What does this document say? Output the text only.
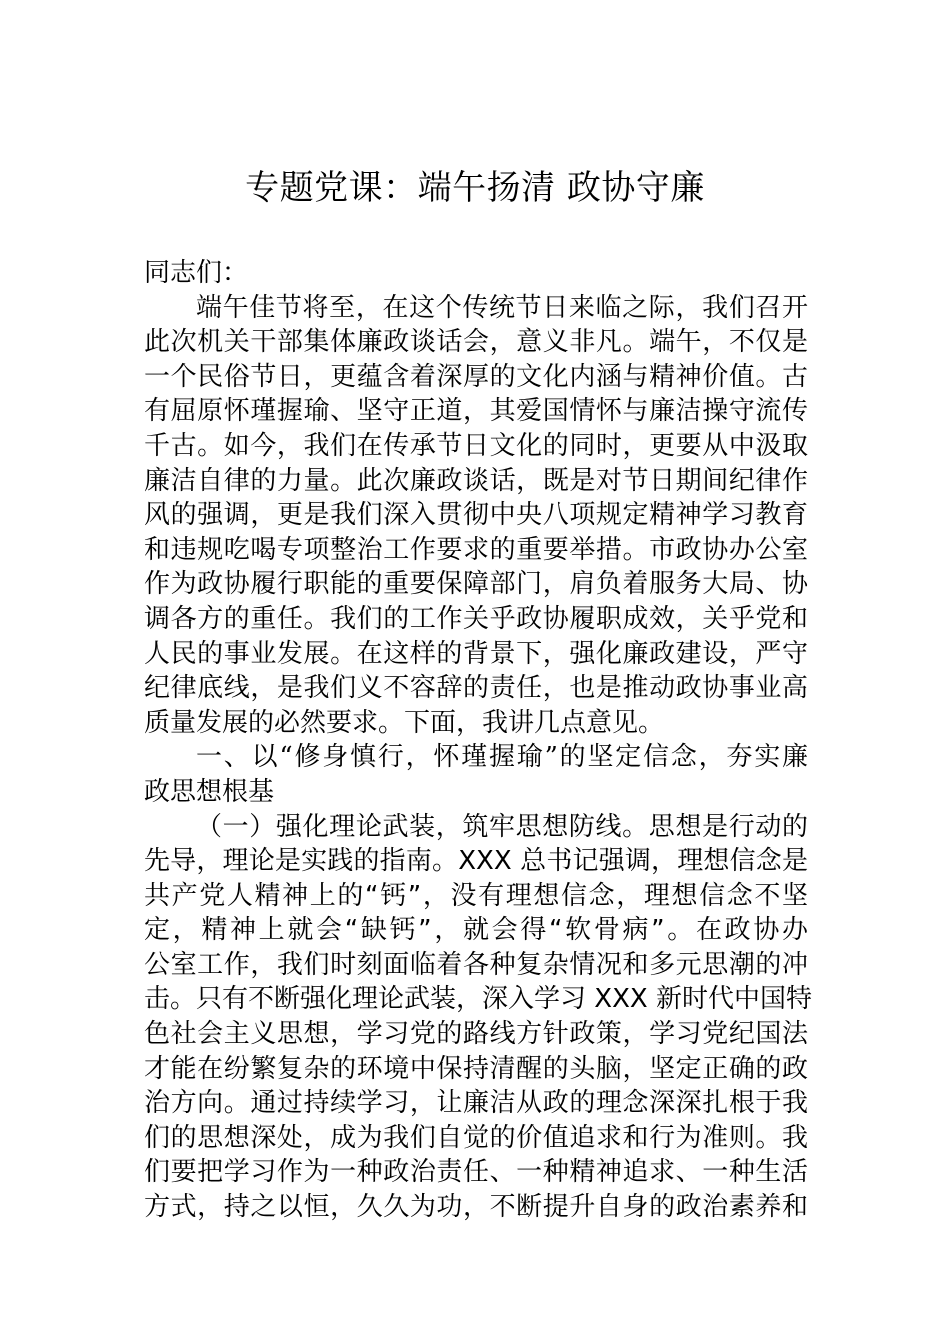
专题党课：端午扬清 政协守廉
同志们：
端午佳节将至，在这个传统节日来临之际，我们召开
此次机关干部集体廉政谈话会，意义非凡。端午，不仅是
一个民俗节日，更蕴含着深厚的文化内涵与精神价值。古
有屈原怀瑾握瑜、坚守正道，其爱国情怀与廉洁操守流传
千古。如今，我们在传承节日文化的同时，更要从中汲取
廉洁自律的力量。此次廉政谈话，既是对节日期间纪律作
风的强调，更是我们深入贯彻中央八项规定精神学习教育
和违规吃喝专项整治工作要求的重要举措。市政协办公室
作为政协履行职能的重要保障部门，肩负着服务大局、协
调各方的重任。我们的工作关乎政协履职成效，关乎党和
人民的事业发展。在这样的背景下，强化廉政建设，严守
纪律底线，是我们义不容辞的责任，也是推动政协事业高
质量发展的必然要求。下面，我讲几点意见。
一、以“修身慎行，怀瑾握瑜”的坚定信念，夯实廉
政思想根基
（一）强化理论武装，筑牢思想防线。思想是行动的
先导，理论是实践的指南。XXX 总书记强调，理想信念是
共产党人精神上的“钙”，没有理想信念，理想信念不坚
定，精神上就会“缺钙”，就会得“软骨病”。在政协办
公室工作，我们时刻面临着各种复杂情况和多元思潮的冲
击。只有不断强化理论武装，深入学习 XXX 新时代中国特
色社会主义思想，学习党的路线方针政策，学习党纪国法
才能在纷繁复杂的环境中保持清醒的头脑，坚定正确的政
治方向。通过持续学习，让廉洁从政的理念深深扎根于我
们的思想深处，成为我们自觉的价值追求和行为准则。我
们要把学习作为一种政治责任、一种精神追求、一种生活
方式，持之以恒，久久为功，不断提升自身的政治素养和
